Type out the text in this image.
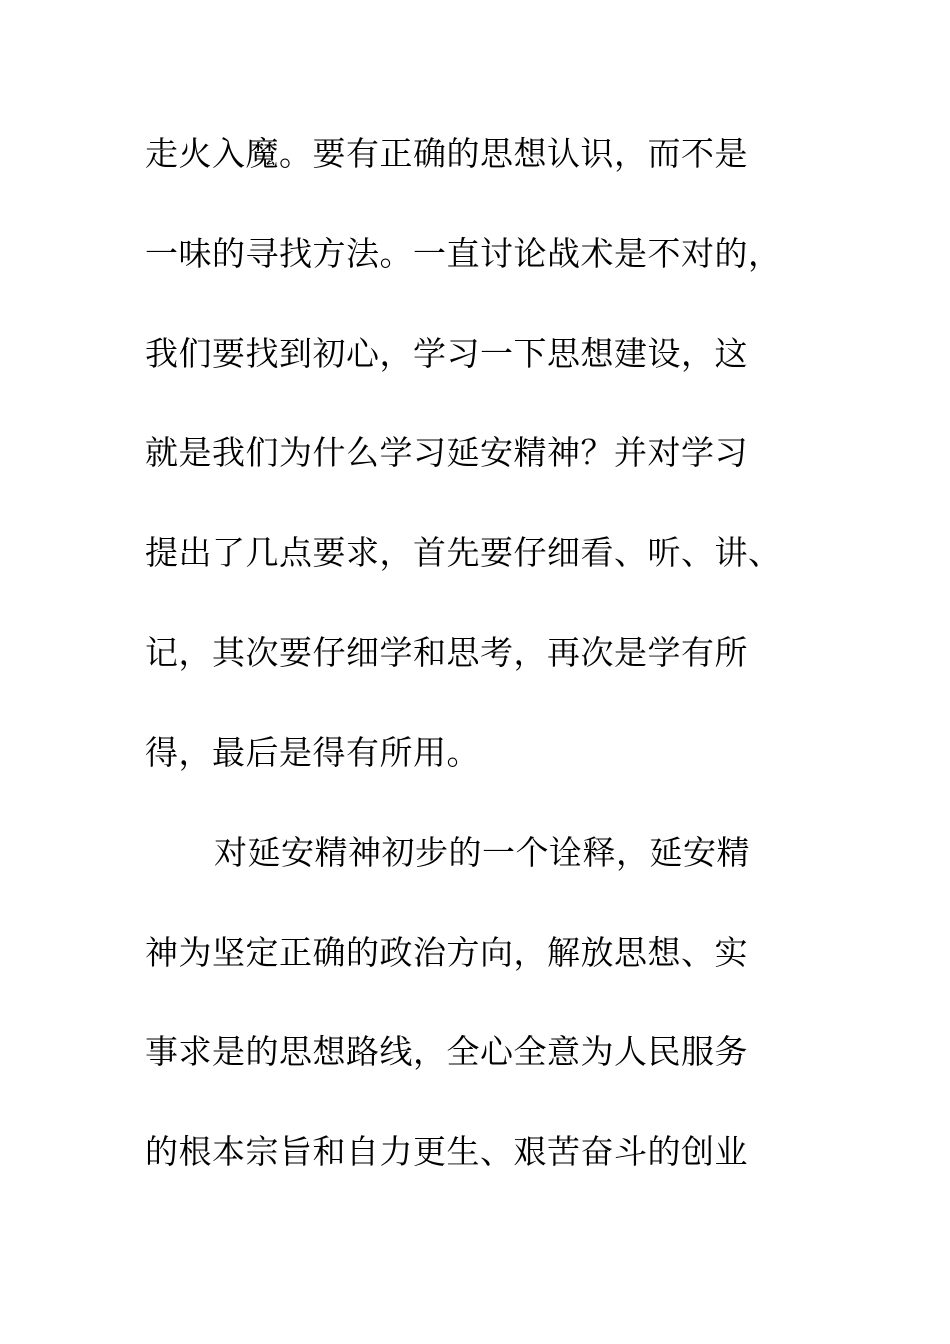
走火入魔。要有正确的思想认识，而不是
一味的寻找方法。一直讨论战术是不对的，
我们要找到初心，学习一下思想建设，这
就是我们为什么学习延安精神？并对学习
提出了几点要求，首先要仔细看、听、讲、
记，其次要仔细学和思考，再次是学有所
得，最后是得有所用。
对延安精神初步的一个诠释，延安精
神为坚定正确的政治方向，解放思想、实
事求是的思想路线，全心全意为人民服务
的根本宗旨和自力更生、艰苦奋斗的创业
